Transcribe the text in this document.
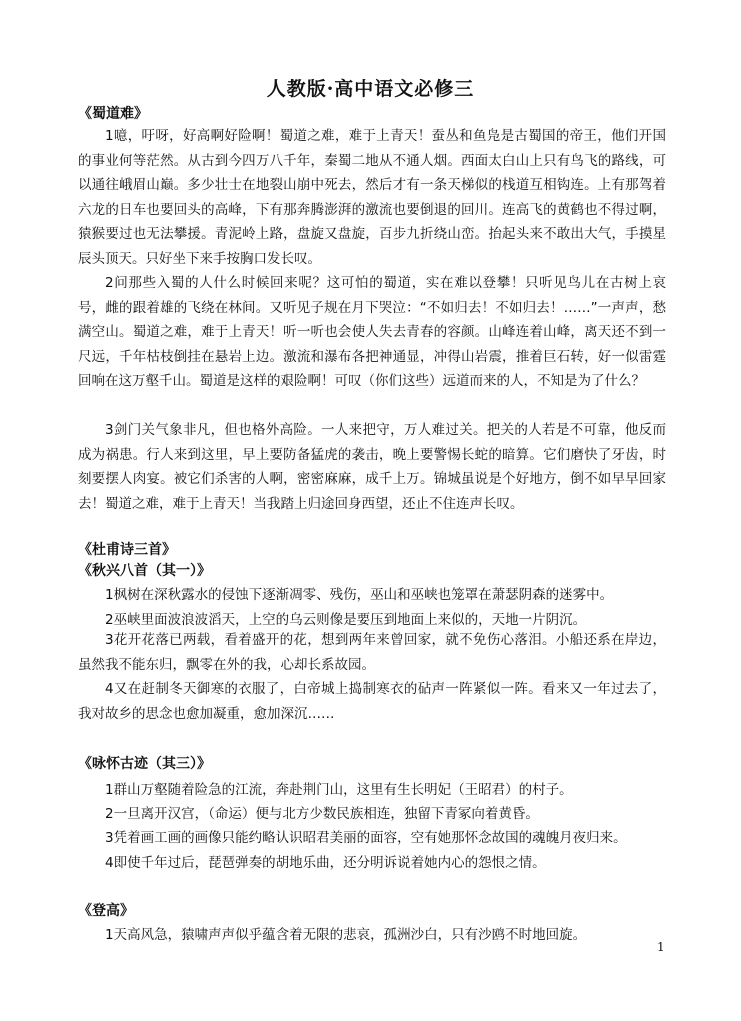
人教版·高中语文必修三
《蜀道难》
1噫，吁呀，好高啊好险啊！蜀道之难，难于上青天！蚕丛和鱼凫是古蜀国的帝王，他们开国的事业何等茫然。从古到今四万八千年，秦蜀二地从不通人烟。西面太白山上只有鸟飞的路线，可以通往峨眉山巅。多少壮士在地裂山崩中死去，然后才有一条天梯似的栈道互相钩连。上有那驾着六龙的日车也要回头的高峰，下有那奔腾澎湃的激流也要倒退的回川。连高飞的黄鹤也不得过啊，猿猴要过也无法攀援。青泥岭上路，盘旋又盘旋，百步九折绕山峦。抬起头来不敢出大气，手摸星辰头顶天。只好坐下来手按胸口发长叹。
2问那些入蜀的人什么时候回来呢？这可怕的蜀道，实在难以登攀！只听见鸟儿在古树上哀号，雌的跟着雄的飞绕在林间。又听见子规在月下哭泣：“不如归去！不如归去！……”一声声，愁满空山。蜀道之难，难于上青天！听一听也会使人失去青春的容颜。山峰连着山峰，离天还不到一尺远，千年枯枝倒挂在悬岩上边。激流和瀑布各把神通显，冲得山岩震，推着巨石转，好一似雷霆回响在这万壑千山。蜀道是这样的艰险啊！可叹（你们这些）远道而来的人，不知是为了什么？
3剑门关气象非凡，但也格外高险。一人来把守，万人难过关。把关的人若是不可靠，他反而成为祸患。行人来到这里，早上要防备猛虎的袭击，晚上要警惕长蛇的暗算。它们磨快了牙齿，时刻要摆人肉宴。被它们杀害的人啊，密密麻麻，成千上万。锦城虽说是个好地方，倒不如早早回家去！蜀道之难，难于上青天！当我踏上归途回身西望，还止不住连声长叹。
《杜甫诗三首》
《秋兴八首（其一）》
1枫树在深秋露水的侵蚀下逐渐凋零、残伤，巫山和巫峡也笼罩在萧瑟阴森的迷雾中。
2巫峡里面波浪波滔天，上空的乌云则像是要压到地面上来似的，天地一片阴沉。
3花开花落已两载，看着盛开的花，想到两年来曾回家，就不免伤心落泪。小船还系在岸边，虽然我不能东归，飘零在外的我，心却长系故园。
4又在赶制冬天御寒的衣服了，白帝城上捣制寒衣的砧声一阵紧似一阵。看来又一年过去了，我对故乡的思念也愈加凝重，愈加深沉……
《咏怀古迹（其三）》
1群山万壑随着险急的江流，奔赴荆门山，这里有生长明妃（王昭君）的村子。
2一旦离开汉宫，（命运）便与北方少数民族相连，独留下青冢向着黄昏。
3凭着画工画的画像只能约略认识昭君美丽的面容，空有她那怀念故国的魂魄月夜归来。
4即使千年过后，琵琶弹奏的胡地乐曲，还分明诉说着她内心的怨恨之情。
《登高》
1天高风急，猿啸声声似乎蕴含着无限的悲哀，孤洲沙白，只有沙鸥不时地回旋。
1
